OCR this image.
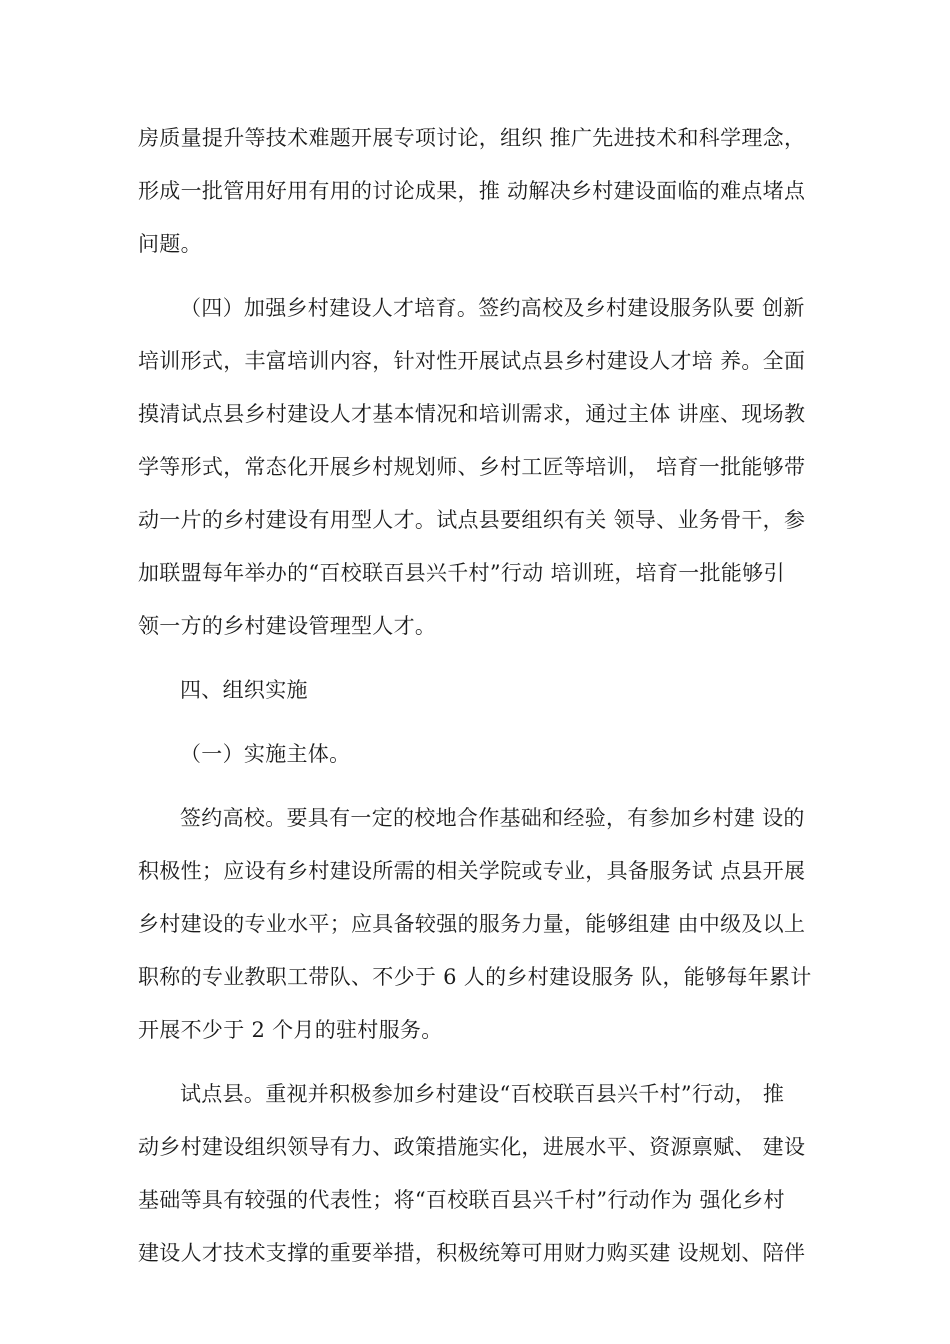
房质量提升等技术难题开展专项讨论，组织 推广先进技术和科学理念，
形成一批管用好用有用的讨论成果，推 动解决乡村建设面临的难点堵点
问题。
（四）加强乡村建设人才培育。签约高校及乡村建设服务队要 创新
培训形式，丰富培训内容，针对性开展试点县乡村建设人才培 养。全面
摸清试点县乡村建设人才基本情况和培训需求，通过主体 讲座、现场教
学等形式，常态化开展乡村规划师、乡村工匠等培训， 培育一批能够带
动一片的乡村建设有用型人才。试点县要组织有关 领导、业务骨干，参
加联盟每年举办的“百校联百县兴千村”行动 培训班，培育一批能够引
领一方的乡村建设管理型人才。
四、组织实施
（一）实施主体。
签约高校。要具有一定的校地合作基础和经验，有参加乡村建 设的
积极性；应设有乡村建设所需的相关学院或专业，具备服务试 点县开展
乡村建设的专业水平；应具备较强的服务力量，能够组建 由中级及以上
职称的专业教职工带队、不少于 6 人的乡村建设服务 队，能够每年累计
开展不少于 2 个月的驻村服务。
试点县。重视并积极参加乡村建设“百校联百县兴千村”行动， 推
动乡村建设组织领导有力、政策措施实化，进展水平、资源禀赋、 建设
基础等具有较强的代表性；将“百校联百县兴千村”行动作为 强化乡村
建设人才技术支撑的重要举措，积极统筹可用财力购买建 设规划、陪伴
